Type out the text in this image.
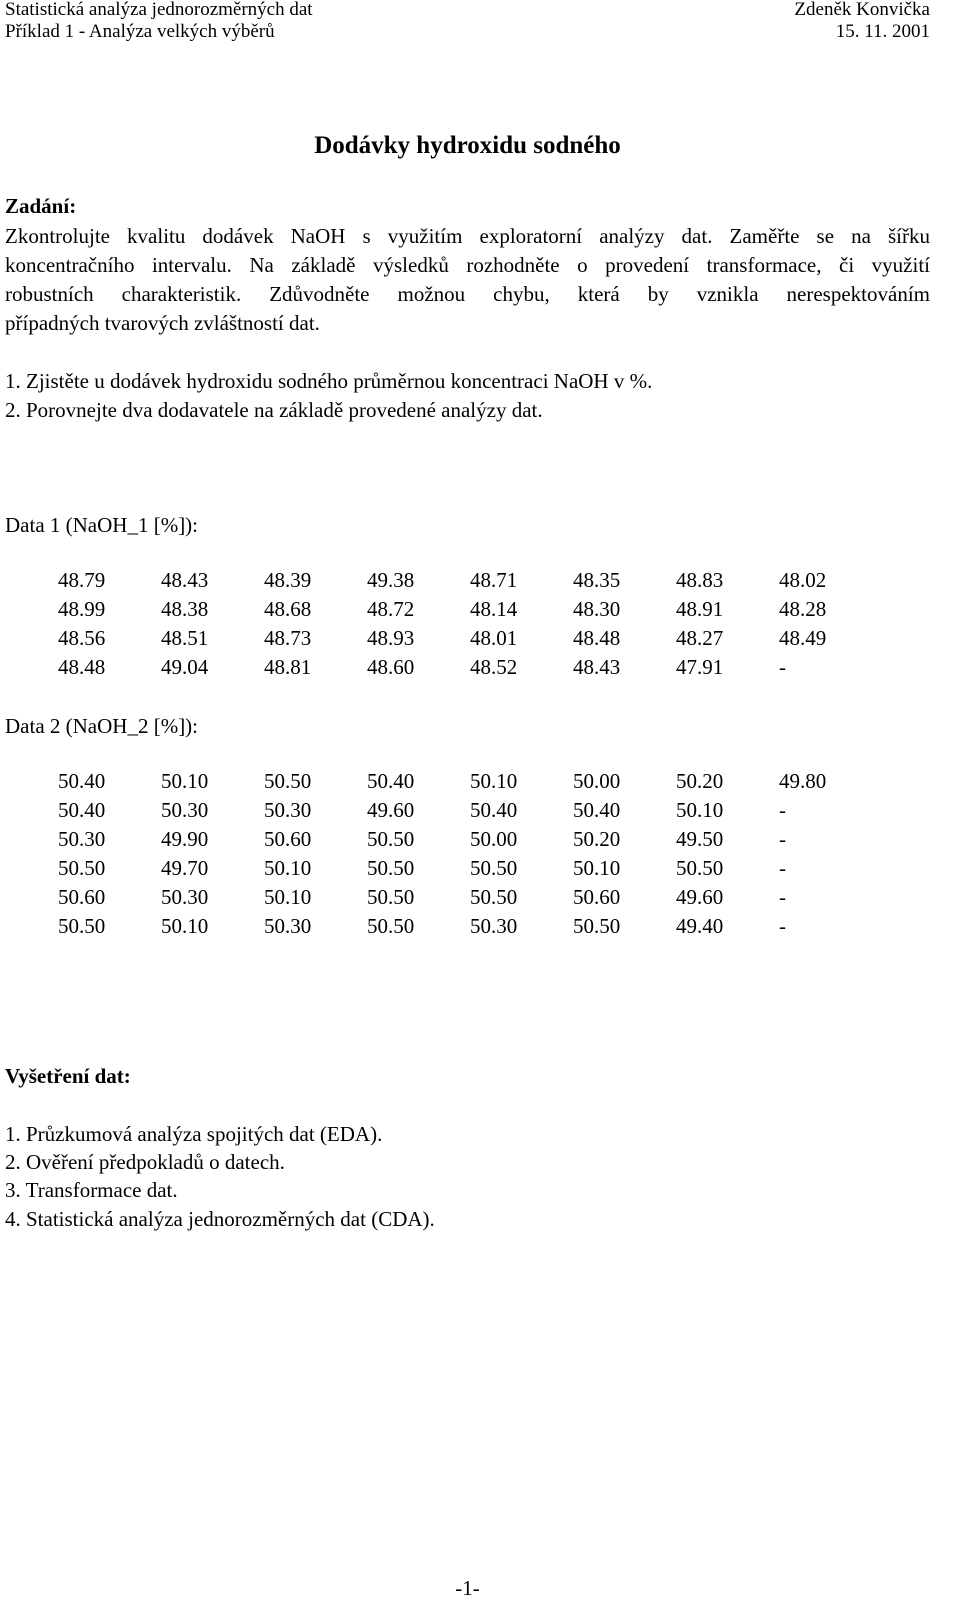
Statistická analýza jednorozměrných dat	Zdeněk Konvička
Příklad 1 - Analýza velkých výběrů	15. 11. 2001
Dodávky hydroxidu sodného
Zadání:
Zkontrolujte kvalitu dodávek NaOH s využitím exploratorní analýzy dat. Zaměřte se na šířku
koncentračního intervalu. Na základě výsledků rozhodněte o provedení transformace, či využití
robustních charakteristik. Zdůvodněte možnou chybu, která by vznikla nerespektováním
případných tvarových zvláštností dat.
1. Zjistěte u dodávek hydroxidu sodného průměrnou koncentraci NaOH v %.
2. Porovnejte dva dodavatele na základě provedené analýzy dat.
Data 1 (NaOH_1 [%]):
48.79	48.43	48.39	49.38	48.71	48.35	48.83	48.02
48.99	48.38	48.68	48.72	48.14	48.30	48.91	48.28
48.56	48.51	48.73	48.93	48.01	48.48	48.27	48.49
48.48	49.04	48.81	48.60	48.52	48.43	47.91	-
Data 2 (NaOH_2 [%]):
50.40	50.10	50.50	50.40	50.10	50.00	50.20	49.80
50.40	50.30	50.30	49.60	50.40	50.40	50.10	-
50.30	49.90	50.60	50.50	50.00	50.20	49.50	-
50.50	49.70	50.10	50.50	50.50	50.10	50.50	-
50.60	50.30	50.10	50.50	50.50	50.60	49.60	-
50.50	50.10	50.30	50.50	50.30	50.50	49.40	-
Vyšetření dat:
1. Průzkumová analýza spojitých dat (EDA).
2. Ověření předpokladů o datech.
3. Transformace dat.
4. Statistická analýza jednorozměrných dat (CDA).
-1-
